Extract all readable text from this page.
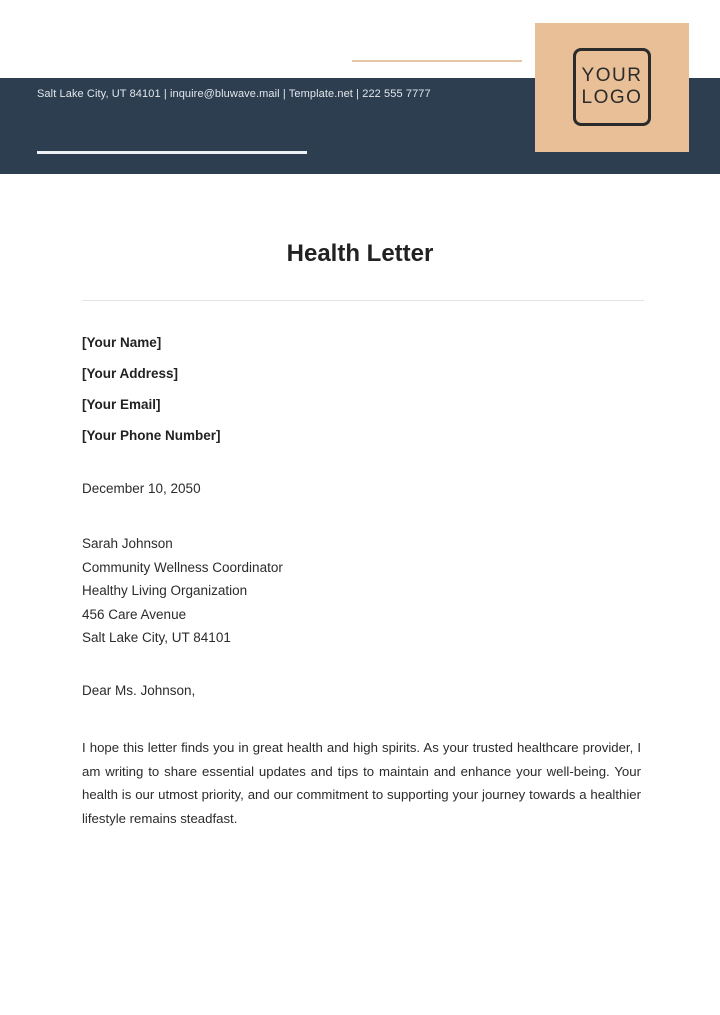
Salt Lake City, UT 84101 | inquire@bluwave.mail | Template.net | 222 555 7777
YOUR
LOGO
Health Letter
[Your Name]
[Your Address]
[Your Email]
[Your Phone Number]
December 10, 2050
Sarah Johnson
Community Wellness Coordinator
Healthy Living Organization
456 Care Avenue
Salt Lake City, UT 84101
Dear Ms. Johnson,

I hope this letter finds you in great health and high spirits. As your trusted healthcare provider, I am writing to share essential updates and tips to maintain and enhance your well-being. Your health is our utmost priority, and our commitment to supporting your journey towards a healthier lifestyle remains steadfast.
